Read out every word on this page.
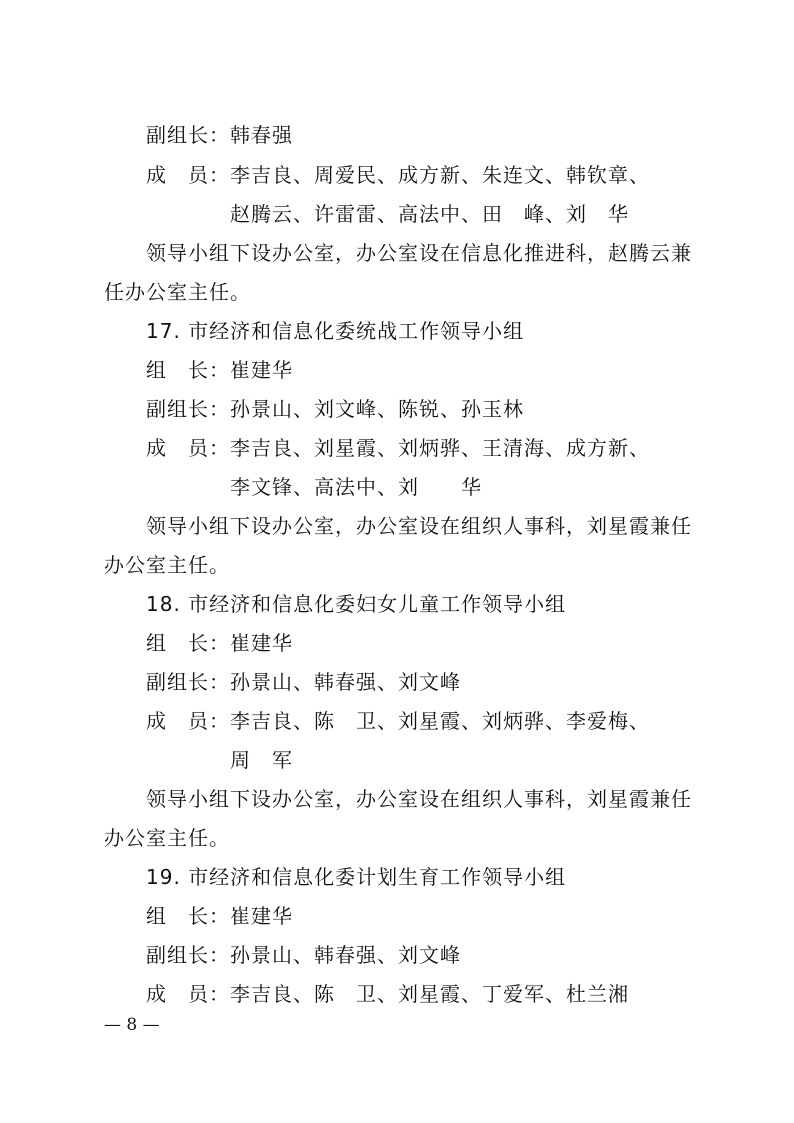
副组长：韩春强
成　员：李吉良、周爱民、成方新、朱连文、韩钦章、
赵腾云、许雷雷、高法中、田　峰、刘　华
领导小组下设办公室，办公室设在信息化推进科，赵腾云兼
任办公室主任。
17. 市经济和信息化委统战工作领导小组
组　长：崔建华
副组长：孙景山、刘文峰、陈锐、孙玉林
成　员：李吉良、刘星霞、刘炳骅、王清海、成方新、
李文锋、高法中、刘　　华
领导小组下设办公室，办公室设在组织人事科，刘星霞兼任
办公室主任。
18. 市经济和信息化委妇女儿童工作领导小组
组　长：崔建华
副组长：孙景山、韩春强、刘文峰
成　员：李吉良、陈　卫、刘星霞、刘炳骅、李爱梅、
周　军
领导小组下设办公室，办公室设在组织人事科，刘星霞兼任
办公室主任。
19. 市经济和信息化委计划生育工作领导小组
组　长：崔建华
副组长：孙景山、韩春强、刘文峰
成　员：李吉良、陈　卫、刘星霞、丁爱军、杜兰湘
— 8 —
